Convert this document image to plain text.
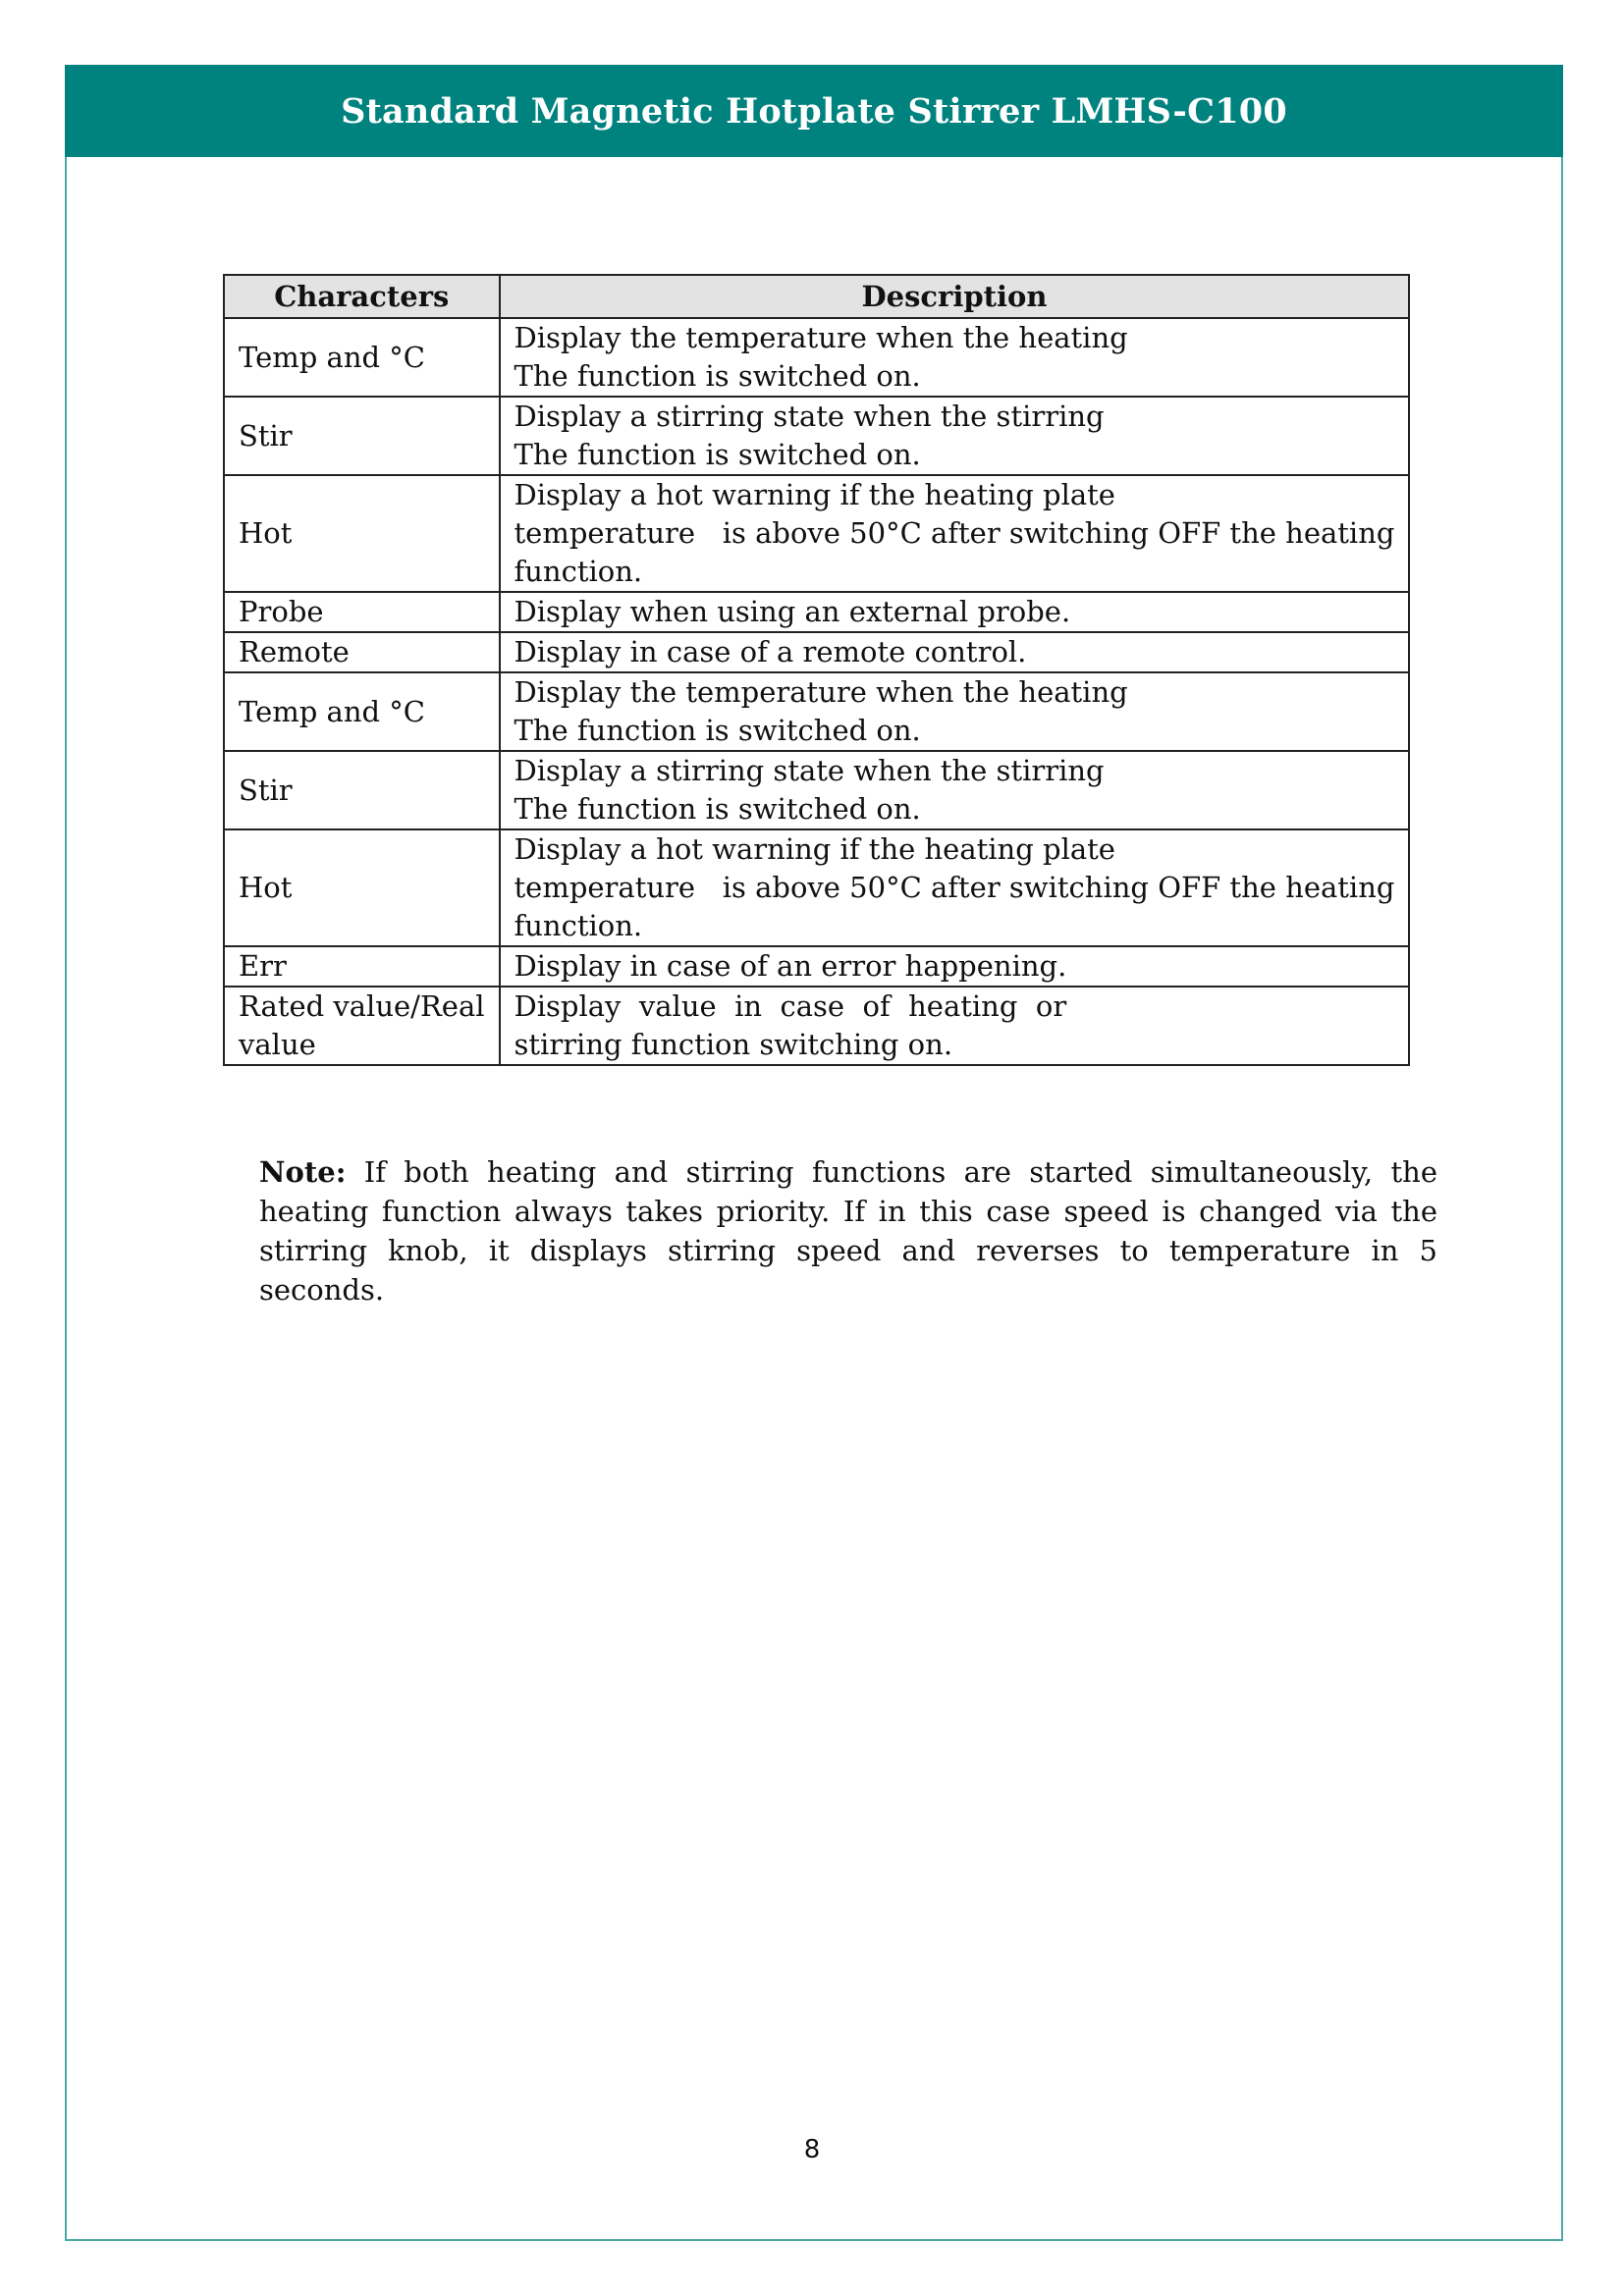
Standard Magnetic Hotplate Stirrer LMHS-C100
Characters	Description

Temp and °C	Display the temperature when the heating
The function is switched on.

Stir	Display a stirring state when the stirring
The function is switched on.

Hot	Display a hot warning if the heating plate
temperature   is above 50°C after switching OFF the heating
function.

Probe	Display when using an external probe.

Remote	Display in case of a remote control.

Temp and °C	Display the temperature when the heating
The function is switched on.

Stir	Display a stirring state when the stirring
The function is switched on.

Hot	Display a hot warning if the heating plate
temperature   is above 50°C after switching OFF the heating
function.

Err	Display in case of an error happening.

Rated value/Real
value	Display  value  in  case  of  heating  or
stirring function switching on.
Note: If both heating and stirring functions are started simultaneously, the heating function always takes priority. If in this case speed is changed via the stirring knob, it displays stirring speed and reverses to temperature in 5 seconds.
8
